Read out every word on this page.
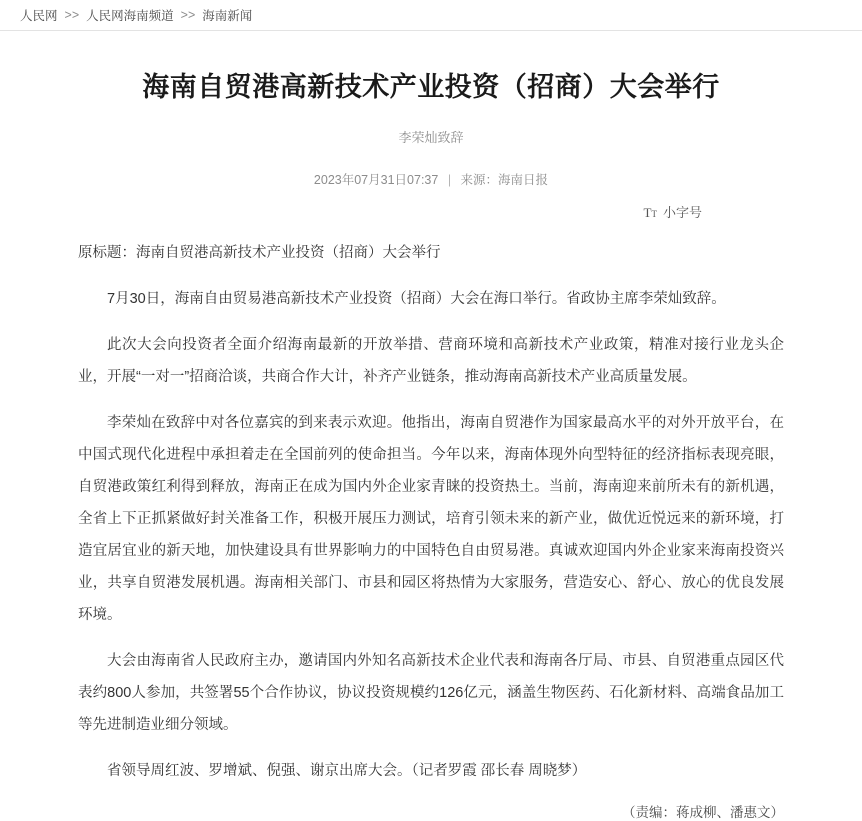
人民网 >> 人民网海南频道 >> 海南新闻
海南自贸港高新技术产业投资（招商）大会举行
李荣灿致辞
2023年07月31日07:37 | 来源：海南日报
TT 小字号

原标题：海南自贸港高新技术产业投资（招商）大会举行

7月30日，海南自由贸易港高新技术产业投资（招商）大会在海口举行。省政协主席李荣灿致辞。

此次大会向投资者全面介绍海南最新的开放举措、营商环境和高新技术产业政策，精准对接行业龙头企业，开展“一对一”招商洽谈，共商合作大计，补齐产业链条，推动海南高新技术产业高质量发展。

李荣灿在致辞中对各位嘉宾的到来表示欢迎。他指出，海南自贸港作为国家最高水平的对外开放平台，在中国式现代化进程中承担着走在全国前列的使命担当。今年以来，海南体现外向型特征的经济指标表现亮眼，自贸港政策红利得到释放，海南正在成为国内外企业家青睐的投资热土。当前，海南迎来前所未有的新机遇，全省上下正抓紧做好封关准备工作，积极开展压力测试，培育引领未来的新产业，做优近悦远来的新环境，打造宜居宜业的新天地，加快建设具有世界影响力的中国特色自由贸易港。真诚欢迎国内外企业家来海南投资兴业，共享自贸港发展机遇。海南相关部门、市县和园区将热情为大家服务，营造安心、舒心、放心的优良发展环境。

大会由海南省人民政府主办，邀请国内外知名高新技术企业代表和海南各厅局、市县、自贸港重点园区代表约800人参加，共签署55个合作协议，协议投资规模约126亿元，涵盖生物医药、石化新材料、高端食品加工等先进制造业细分领域。

省领导周红波、罗增斌、倪强、谢京出席大会。（记者罗霞 邵长春 周晓梦）

（责编：蒋成柳、潘惠文）
